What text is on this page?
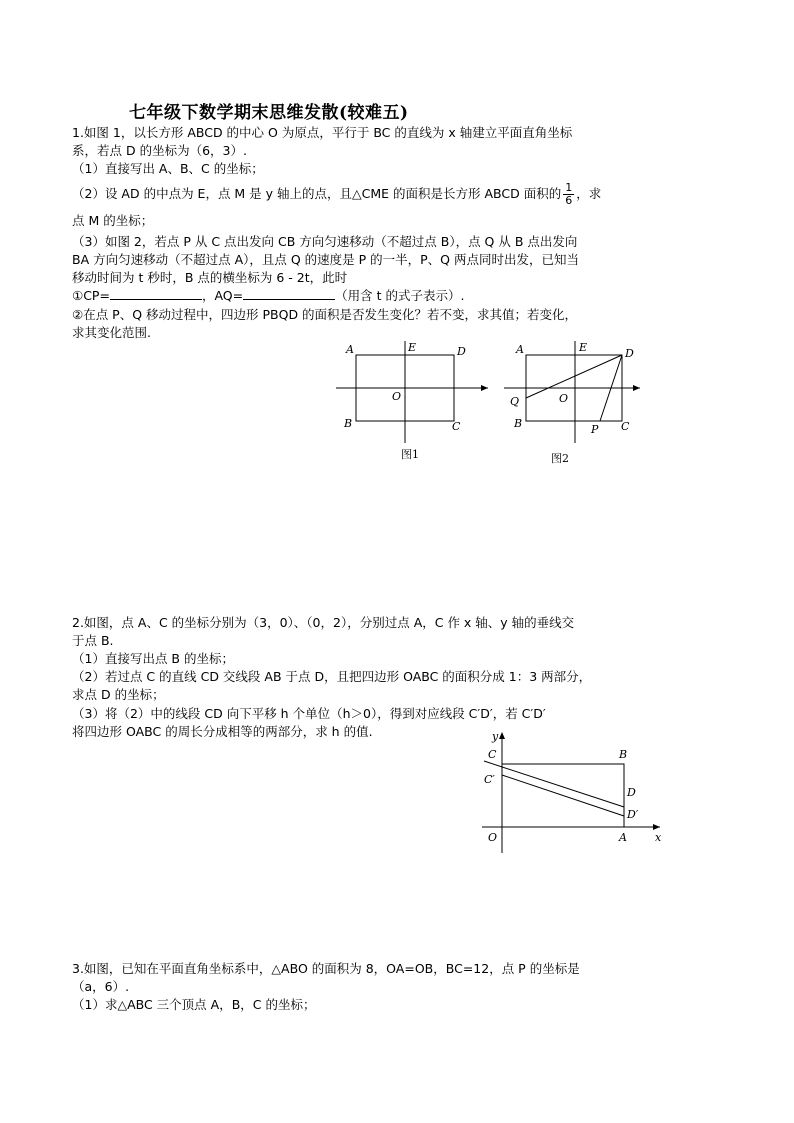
七年级下数学期末思维发散(较难五)
1.如图 1，以长方形 ABCD 的中心 O 为原点，平行于 BC 的直线为 x 轴建立平面直角坐标
系，若点 D 的坐标为（6，3）.
（1）直接写出 A、B、C 的坐标；
（2）设 AD 的中点为 E，点 M 是 y 轴上的点，且△CME 的面积是长方形 ABCD 面积的 $\frac{1}{6}$ ，求
点 M 的坐标；
（3）如图 2，若点 P 从 C 点出发向 CB 方向匀速移动（不超过点 B），点 Q 从 B 点出发向
BA 方向匀速移动（不超过点 A），且点 Q 的速度是 P 的一半，P、Q 两点同时出发，已知当
移动时间为 t 秒时，B 点的横坐标为 6 - 2t，此时
①CP=	，AQ=	（用含 t 的式子表示）.
②在点 P、Q 移动过程中，四边形 PBQD 的面积是否发生变化？若不变，求其值；若变化，
求其变化范围.
A	E	D
O
B	C
图1
A	E	D
Q	O
B	P C
图2
2.如图，点 A、C 的坐标分别为（3，0）、（0，2），分别过点 A，C 作 x 轴、y 轴的垂线交
于点 B.
（1）直接写出点 B 的坐标；
（2）若过点 C 的直线 CD 交线段 AB 于点 D，且把四边形 OABC 的面积分成 1：3 两部分，
求点 D 的坐标；
（3）将（2）中的线段 CD 向下平移 h 个单位（h＞0），得到对应线段 C′D′，若 C′D′
将四边形 OABC 的周长分成相等的两部分，求 h 的值.	y
C	B
C′
D
D′
O	A	x
3.如图，已知在平面直角坐标系中，△ABO 的面积为 8，OA=OB，BC=12，点 P 的坐标是
（a，6）.
（1）求△ABC 三个顶点 A，B，C 的坐标；
